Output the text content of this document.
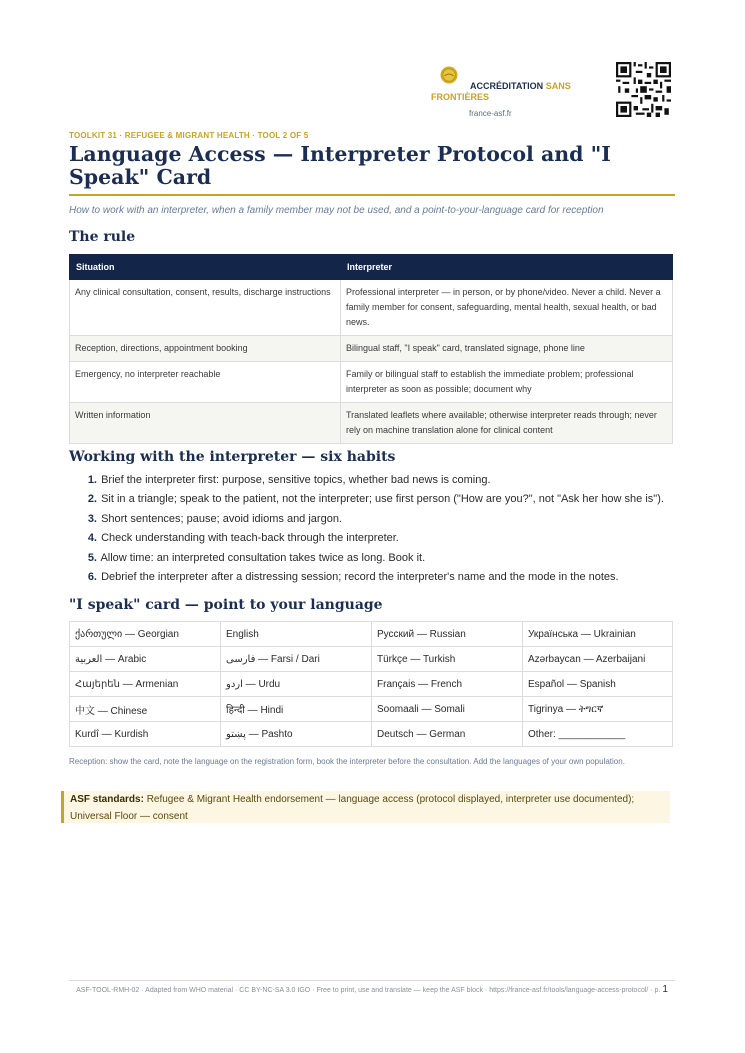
ACCRÉDITATION SANS FRONTIÈRES
france-asf.fr
TOOLKIT 31 · REFUGEE & MIGRANT HEALTH · TOOL 2 OF 5
Language Access — Interpreter Protocol and "I Speak" Card
How to work with an interpreter, when a family member may not be used, and a point-to-your-language card for reception
The rule
Situation	Interpreter
Any clinical consultation, consent, results, discharge instructions	Professional interpreter — in person, or by phone/video. Never a child. Never a family member for consent, safeguarding, mental health, sexual health, or bad news.
Reception, directions, appointment booking	Bilingual staff, "I speak" card, translated signage, phone line
Emergency, no interpreter reachable	Family or bilingual staff to establish the immediate problem; professional interpreter as soon as possible; document why
Written information	Translated leaflets where available; otherwise interpreter reads through; never rely on machine translation alone for clinical content
Working with the interpreter — six habits
1. Brief the interpreter first: purpose, sensitive topics, whether bad news is coming.
2. Sit in a triangle; speak to the patient, not the interpreter; use first person ("How are you?", not "Ask her how she is").
3. Short sentences; pause; avoid idioms and jargon.
4. Check understanding with teach-back through the interpreter.
5. Allow time: an interpreted consultation takes twice as long. Book it.
6. Debrief the interpreter after a distressing session; record the interpreter's name and the mode in the notes.
"I speak" card — point to your language
ქართული — Georgian	English	Русский — Russian	Українська — Ukrainian
العربية — Arabic	فارسی — Farsi / Dari	Türkçe — Turkish	Azərbaycan — Azerbaijani
Հայերեն — Armenian	اردو — Urdu	Français — French	Español — Spanish
中文 — Chinese	हिन्दी — Hindi	Soomaali — Somali	Tigrinya — ትግርኛ
Kurdî — Kurdish	پښتو — Pashto	Deutsch — German	Other: ____________
Reception: show the card, note the language on the registration form, book the interpreter before the consultation. Add the languages of your own population.

ASF standards: Refugee & Migrant Health endorsement — language access (protocol displayed, interpreter use documented); Universal Floor — consent

ASF-TOOL-RMH-02 · Adapted from WHO material · CC BY-NC-SA 3.0 IGO · Free to print, use and translate — keep the ASF block · https://france-asf.fr/tools/language-access-protocol/ · p. 1
